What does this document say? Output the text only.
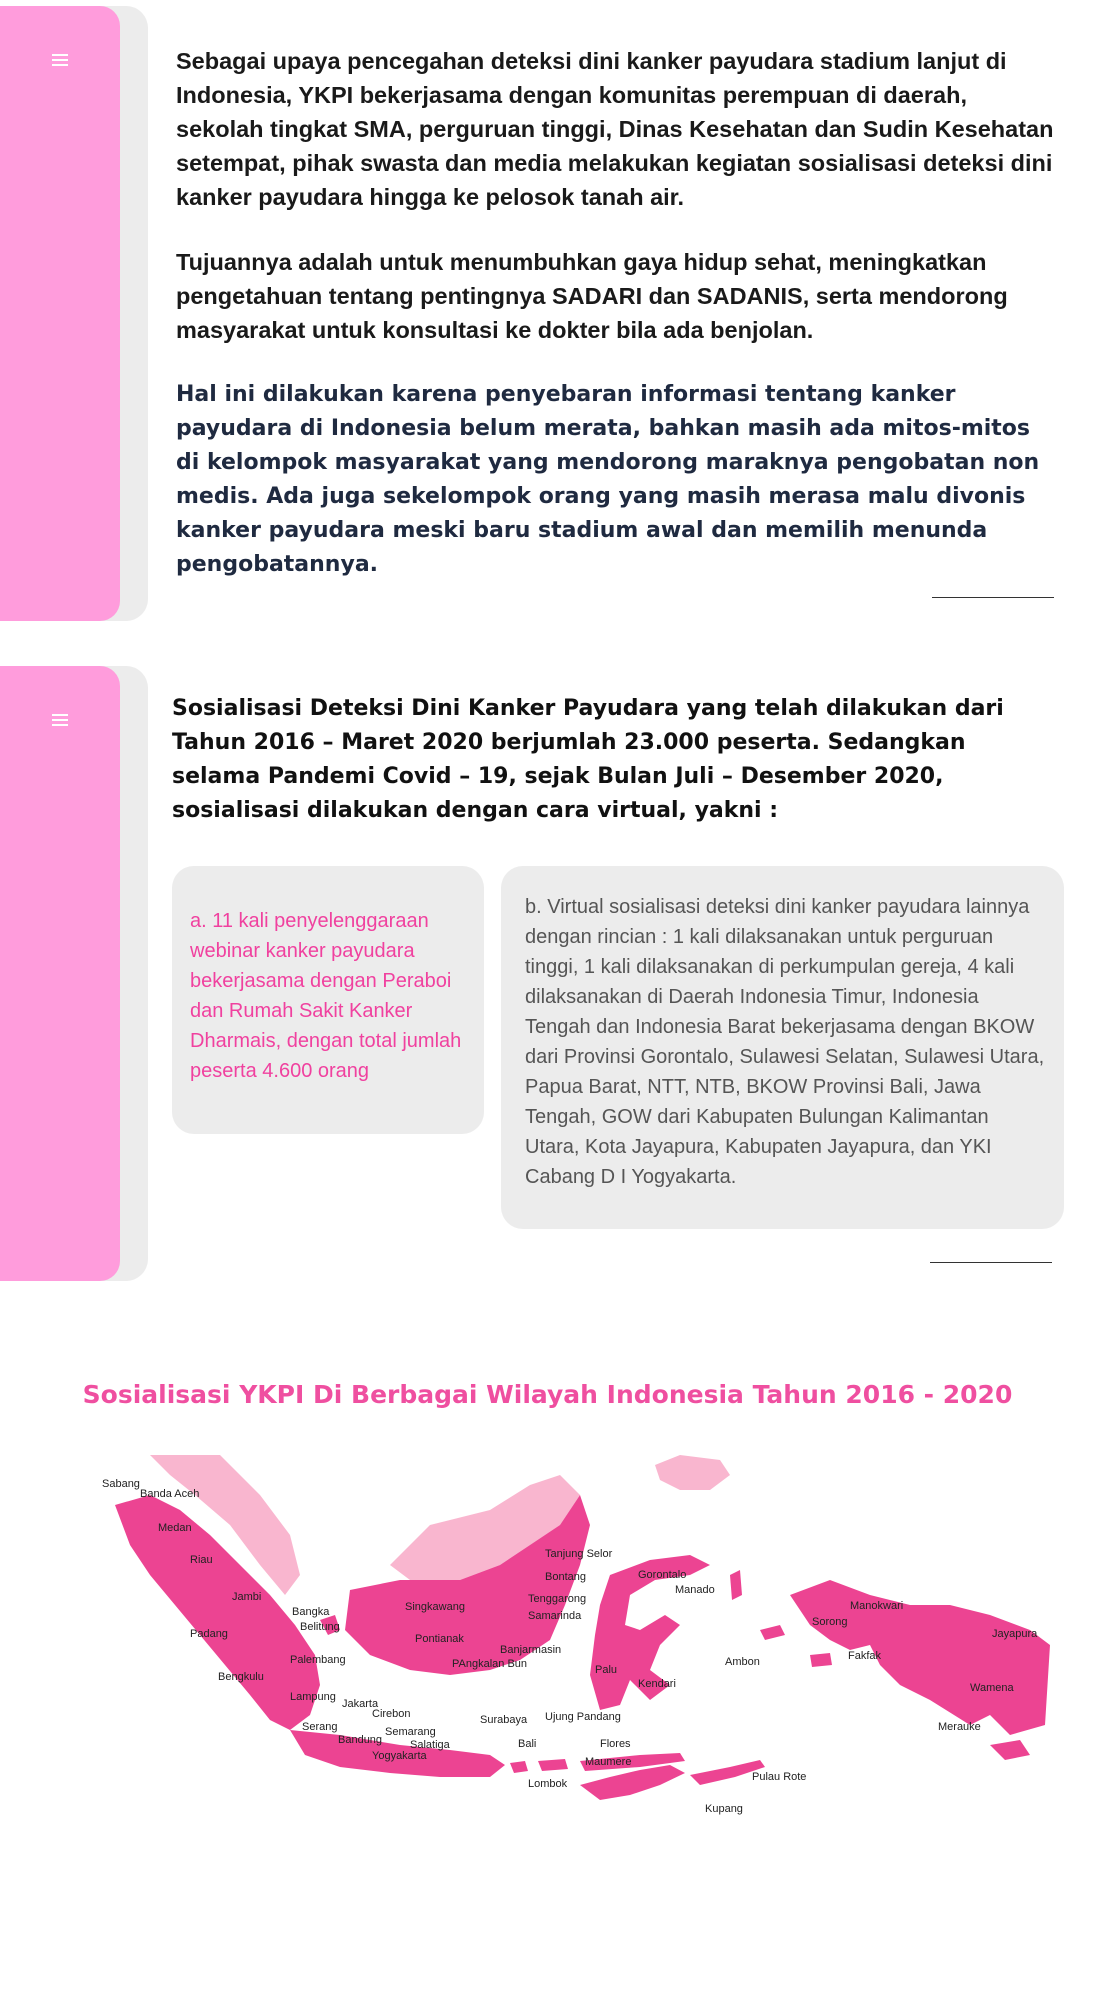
Sebagai upaya pencegahan deteksi dini kanker payudara stadium lanjut di Indonesia, YKPI bekerjasama dengan komunitas perempuan di daerah, sekolah tingkat SMA, perguruan tinggi, Dinas Kesehatan dan Sudin Kesehatan setempat, pihak swasta dan media melakukan kegiatan sosialisasi deteksi dini kanker payudara hingga ke pelosok tanah air.

Tujuannya adalah untuk menumbuhkan gaya hidup sehat, meningkatkan pengetahuan tentang pentingnya SADARI dan SADANIS, serta mendorong masyarakat untuk konsultasi ke dokter bila ada benjolan.

Hal ini dilakukan karena penyebaran informasi tentang kanker payudara di Indonesia belum merata, bahkan masih ada mitos-mitos di kelompok masyarakat yang mendorong maraknya pengobatan non medis. Ada juga sekelompok orang yang masih merasa malu divonis kanker payudara meski baru stadium awal dan memilih menunda pengobatannya.

Sosialisasi Deteksi Dini Kanker Payudara yang telah dilakukan dari Tahun 2016 – Maret 2020 berjumlah 23.000 peserta. Sedangkan selama Pandemi Covid – 19, sejak Bulan Juli – Desember 2020, sosialisasi dilakukan dengan cara virtual, yakni :

a. 11 kali penyelenggaraan webinar kanker payudara bekerjasama dengan Peraboi dan Rumah Sakit Kanker Dharmais, dengan total jumlah peserta 4.600 orang

b. Virtual sosialisasi deteksi dini kanker payudara lainnya dengan rincian : 1 kali dilaksanakan untuk perguruan tinggi, 1 kali dilaksanakan di perkumpulan gereja, 4 kali dilaksanakan di Daerah Indonesia Timur, Indonesia Tengah dan Indonesia Barat bekerjasama dengan BKOW dari Provinsi Gorontalo, Sulawesi Selatan, Sulawesi Utara, Papua Barat, NTT, NTB, BKOW Provinsi Bali, Jawa Tengah, GOW dari Kabupaten Bulungan Kalimantan Utara, Kota Jayapura, Kabupaten Jayapura, dan YKI Cabang D I Yogyakarta.

Sosialisasi YKPI Di Berbagai Wilayah Indonesia Tahun 2016 - 2020
Sabang
Banda Aceh
Medan
Riau
Jambi
Padang
Bangka
Belitung
Palembang
Bengkulu
Lampung
Jakarta
Serang
Bandung
Cirebon
Semarang
Salatiga
Yogyakarta
Surabaya
Bali
Lombok
Singkawang
Pontianak
PAngkalan Bun
Banjarmasin
Tanjung Selor
Bontang
Tenggarong
Samarinda
Gorontalo
Manado
Palu
Kendari
Ujung Pandang
Flores
Maumere
Kupang
Pulau Rote
Ambon
Sorong
Manokwari
Fakfak
Jayapura
Wamena
Merauke
